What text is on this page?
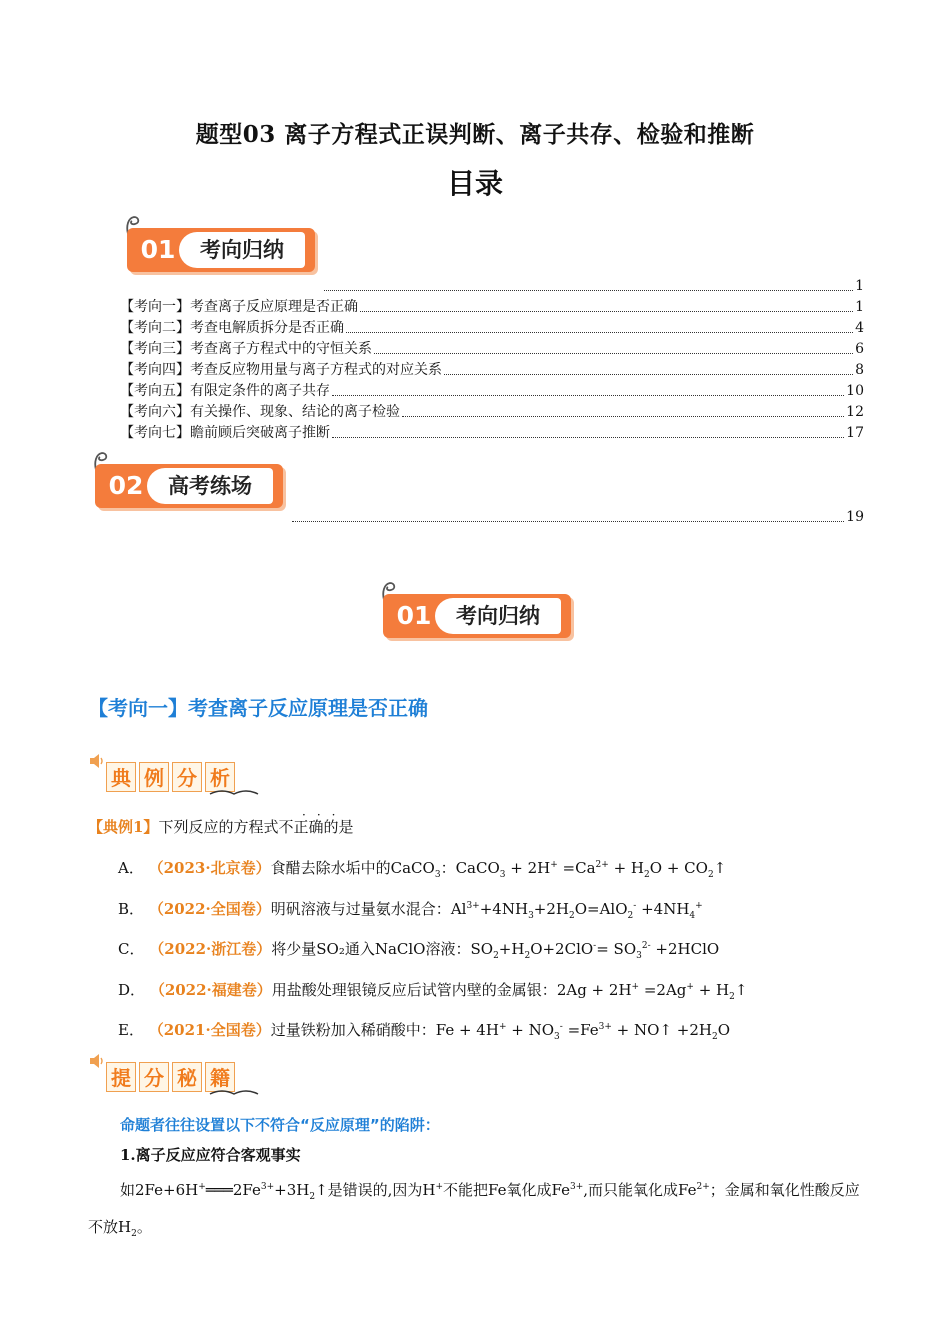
题型03 离子方程式正误判断、离子共存、检验和推断
目录
01	考向归纳
1
【考向一】考查离子反应原理是否正确	1
【考向二】考查电解质拆分是否正确	4
【考向三】考查离子方程式中的守恒关系	6
【考向四】考查反应物用量与离子方程式的对应关系	8
【考向五】有限定条件的离子共存	10
【考向六】有关操作、现象、结论的离子检验	12
【考向七】瞻前顾后突破离子推断	17
02	高考练场
19
01	考向归纳
【考向一】考查离子反应原理是否正确
典 例 分 析
【典例1】下列反应的方程式不正确的是
···
A． （2023·北京卷）食醋去除水垢中的CaCO$_3$：CaCO$_3$ + $2H^+ =Ca^{2+} + H_2O$ + $CO_2↑$
B． （2022·全国卷）明矾溶液与过量氨水混合：$Al^{3+}+4NH_3+2H_2O=AlO_2^- +4NH_4^+$
C． （2022·浙江卷）将少量SO₂通入NaClO溶液：$SO_2+H_2O+2ClO^-= SO_3^{2-}$ +2HClO
D． （2022·福建卷）用盐酸处理银镜反应后试管内壁的金属银：$2Ag + 2H^+ =2Ag^+ + H_2↑$
E． （2021·全国卷）过量铁粉加入稀硝酸中：$Fe + 4H^+ + NO_3^- =Fe^{3+}$ + NO↑ $+2H_2O$
提 分 秘 籍
命题者往往设置以下不符合“反应原理”的陷阱：
1.离子反应应符合客观事实
如$2Fe+6H^+═══2Fe^{3+}+3H_2↑$是错误的,因为H+不能把Fe氧化成$Fe^{3+}$,而只能氧化成$Fe^{2+}$；金属和氧化性酸反应不放$H_2$。
